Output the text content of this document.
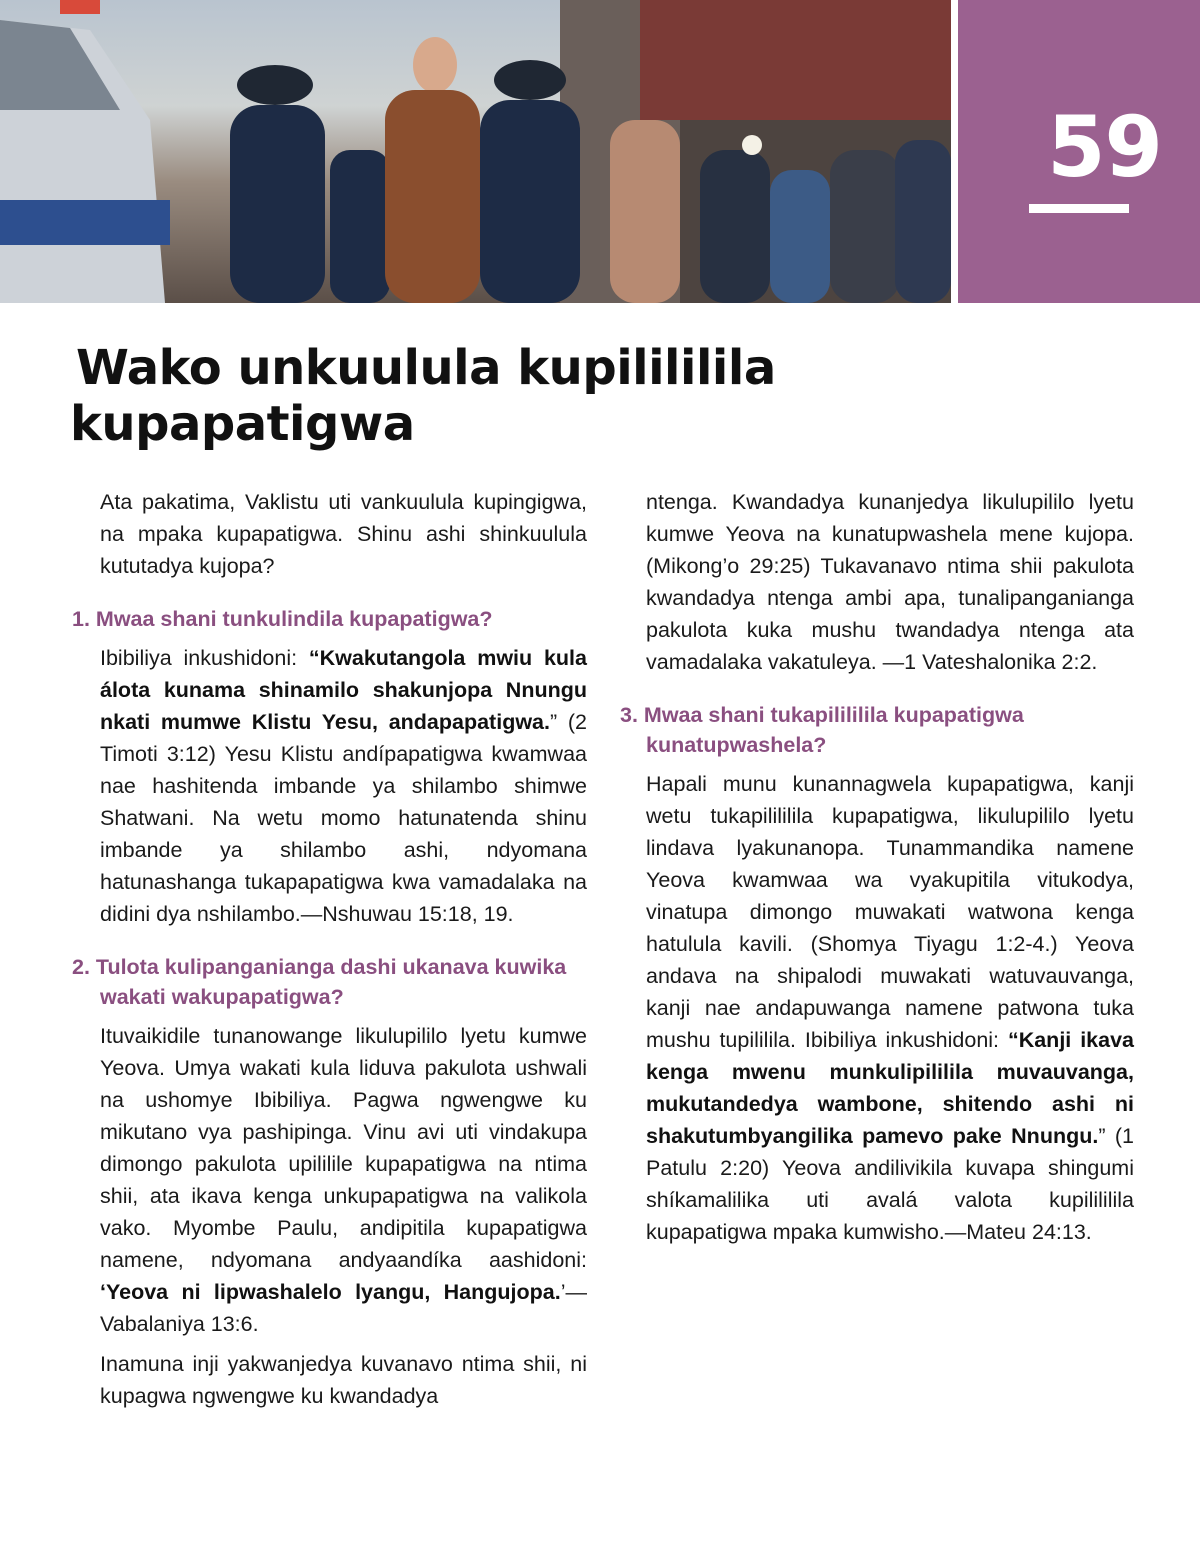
59
Wako unkuulula kupilililila
kupapatigwa

Ata pakatima, Vaklistu uti vankuulula kupingigwa, na mpaka kupapatigwa. Shinu ashi shinkuulula kututadya kujopa?

1. Mwaa shani tunkulindila kupapatigwa?

Ibibiliya inkushidoni: “Kwakutangola mwiu kula álota kunama shinamilo shakunjopa Nnungu nkati mumwe Klistu Yesu, andapapatigwa.” (2 Timoti 3:12) Yesu Klistu andípapatigwa kwamwaa nae hashitenda imbande ya shilambo shimwe Shatwani. Na wetu momo hatunatenda shinu imbande ya shilambo ashi, ndyomana hatunashanga tukapapatigwa kwa vamadalaka na didini dya nshilambo.—Nshuwau 15:18, 19.

2. Tulota kulipanganianga dashi ukanava kuwika wakati wakupapatigwa?

Ituvaikidile tunanowange likulupililo lyetu kumwe Yeova. Umya wakati kula liduva pakulota ushwali na ushomye Ibibiliya. Pagwa ngwengwe ku mikutano vya pashipinga. Vinu avi uti vindakupa dimongo pakulota upililile kupapatigwa na ntima shii, ata ikava kenga unkupapatigwa na valikola vako. Myombe Paulu, andipitila kupapatigwa namene, ndyomana andyaandíka aashidoni: ‘Yeova ni lipwashalelo lyangu, Hangujopa.’—Vabalaniya 13:6.

Inamuna inji yakwanjedya kuvanavo ntima shii, ni kupagwa ngwengwe ku kwandadya

ntenga. Kwandadya kunanjedya likulupililo lyetu kumwe Yeova na kunatupwashela mene kujopa. (Mikong’o 29:25) Tukavanavo ntima shii pakulota kwandadya ntenga ambi apa, tunalipanganianga pakulota kuka mushu twandadya ntenga ata vamadalaka vakatuleya. —1 Vateshalonika 2:2.

3. Mwaa shani tukapilililila kupapatigwa kunatupwashela?

Hapali munu kunannagwela kupapatigwa, kanji wetu tukapilililila kupapatigwa, likulupililo lyetu lindava lyakunanopa. Tunammandika namene Yeova kwamwaa wa vyakupitila vitukodya, vinatupa dimongo muwakati watwona kenga hatulula kavili. (Shomya Tiyagu 1:2-4.) Yeova andava na shipalodi muwakati watuvauvanga, kanji nae andapuwanga namene patwona tuka mushu tupililila. Ibibiliya inkushidoni: “Kanji ikava kenga mwenu munkulipililila muvauvanga, mukutandedya wambone, shitendo ashi ni shakutumbyangilika pamevo pake Nnungu.” (1 Patulu 2:20) Yeova andilivikila kuvapa shingumi shíkamalilika uti avalá valota kupilililila kupapatigwa mpaka kumwisho.—Mateu 24:13.
